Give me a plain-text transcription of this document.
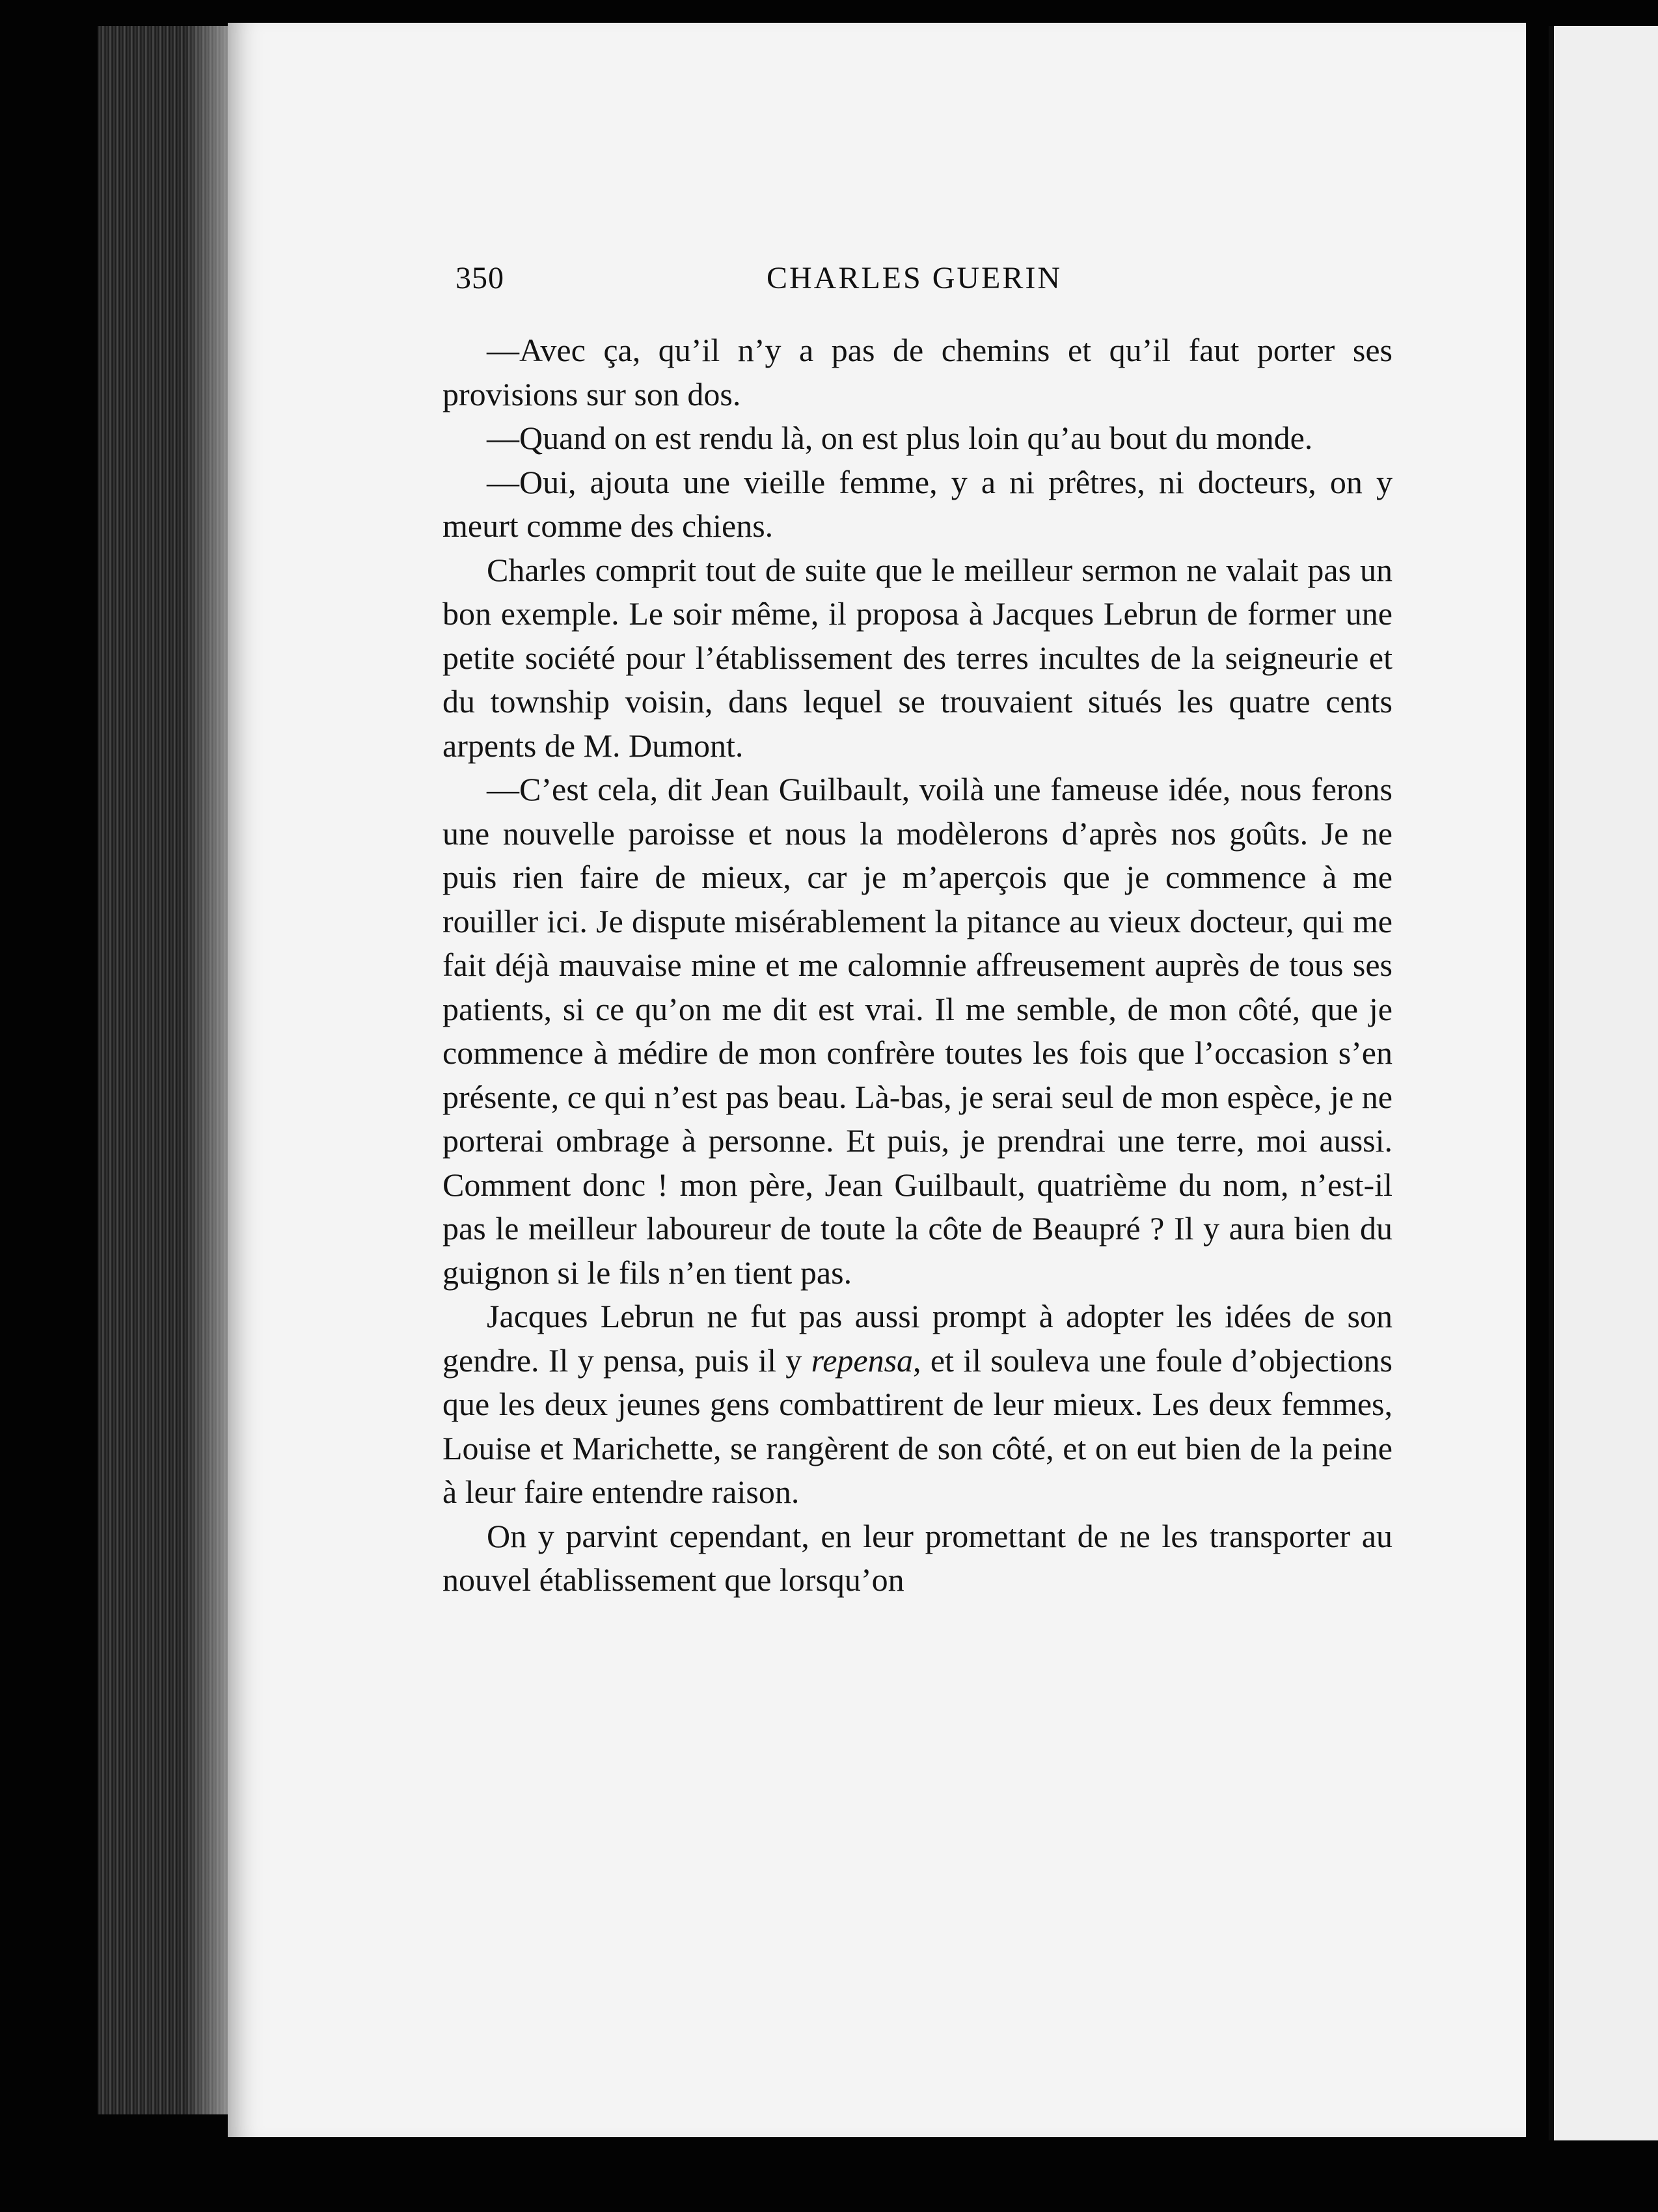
350	CHARLES GUERIN

—Avec ça, qu’il n’y a pas de chemins et qu’il faut porter ses provisions sur son dos.

—Quand on est rendu là, on est plus loin qu’au bout du monde.

—Oui, ajouta une vieille femme, y a ni prêtres, ni docteurs, on y meurt comme des chiens.

Charles comprit tout de suite que le meilleur sermon ne valait pas un bon exemple. Le soir même, il proposa à Jacques Lebrun de former une petite société pour l’établissement des terres incultes de la seigneurie et du township voisin, dans lequel se trouvaient situés les quatre cents arpents de M. Dumont.

—C’est cela, dit Jean Guilbault, voilà une fameuse idée, nous ferons une nouvelle paroisse et nous la modèlerons d’après nos goûts. Je ne puis rien faire de mieux, car je m’aperçois que je commence à me rouiller ici. Je dispute misérablement la pitance au vieux docteur, qui me fait déjà mauvaise mine et me calomnie affreusement auprès de tous ses patients, si ce qu’on me dit est vrai. Il me semble, de mon côté, que je commence à médire de mon confrère toutes les fois que l’occasion s’en présente, ce qui n’est pas beau. Là-bas, je serai seul de mon espèce, je ne porterai ombrage à personne. Et puis, je prendrai une terre, moi aussi. Comment donc ! mon père, Jean Guilbault, quatrième du nom, n’est-il pas le meilleur laboureur de toute la côte de Beaupré ? Il y aura bien du guignon si le fils n’en tient pas.

Jacques Lebrun ne fut pas aussi prompt à adopter les idées de son gendre. Il y pensa, puis il y repensa, et il souleva une foule d’objections que les deux jeunes gens combattirent de leur mieux. Les deux femmes, Louise et Marichette, se rangèrent de son côté, et on eut bien de la peine à leur faire entendre raison.

On y parvint cependant, en leur promettant de ne les transporter au nouvel établissement que lorsqu’on
